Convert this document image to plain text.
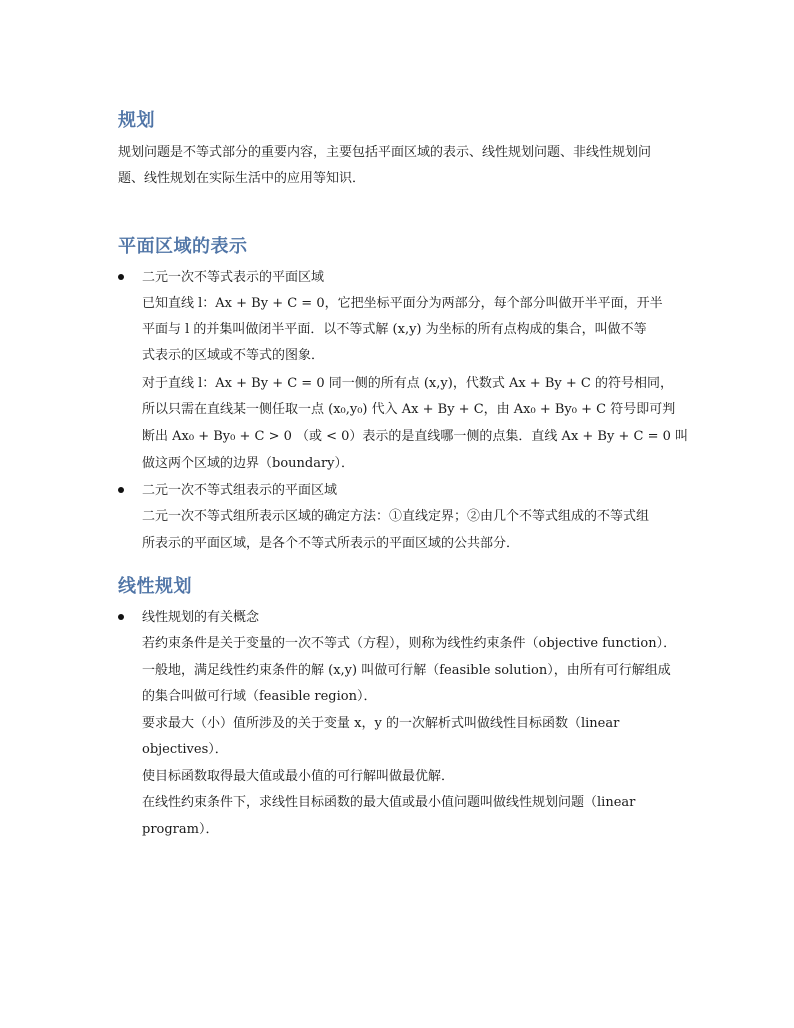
规划
规划问题是不等式部分的重要内容，主要包括平面区域的表示、线性规划问题、非线性规划问
题、线性规划在实际生活中的应用等知识．
平面区域的表示
二元一次不等式表示的平面区域
已知直线 l：Ax + By + C = 0，它把坐标平面分为两部分，每个部分叫做开半平面，开半
平面与 l 的并集叫做闭半平面．以不等式解 (x,y) 为坐标的所有点构成的集合，叫做不等
式表示的区域或不等式的图象．
对于直线 l：Ax + By + C = 0 同一侧的所有点 (x,y)，代数式 Ax + By + C 的符号相同，
所以只需在直线某一侧任取一点 (x₀,y₀) 代入 Ax + By + C，由 Ax₀ + By₀ + C 符号即可判
断出 Ax₀ + By₀ + C > 0 （或 < 0）表示的是直线哪一侧的点集．直线 Ax + By + C = 0 叫
做这两个区域的边界（boundary）．
二元一次不等式组表示的平面区域
二元一次不等式组所表示区域的确定方法：①直线定界；②由几个不等式组成的不等式组
所表示的平面区域，是各个不等式所表示的平面区域的公共部分．
线性规划
线性规划的有关概念
若约束条件是关于变量的一次不等式（方程），则称为线性约束条件（objective function）．
一般地，满足线性约束条件的解 (x,y) 叫做可行解（feasible solution），由所有可行解组成
的集合叫做可行域（feasible region）．
要求最大（小）值所涉及的关于变量 x，y 的一次解析式叫做线性目标函数（linear
objectives）．
使目标函数取得最大值或最小值的可行解叫做最优解．
在线性约束条件下，求线性目标函数的最大值或最小值问题叫做线性规划问题（linear
program）．
